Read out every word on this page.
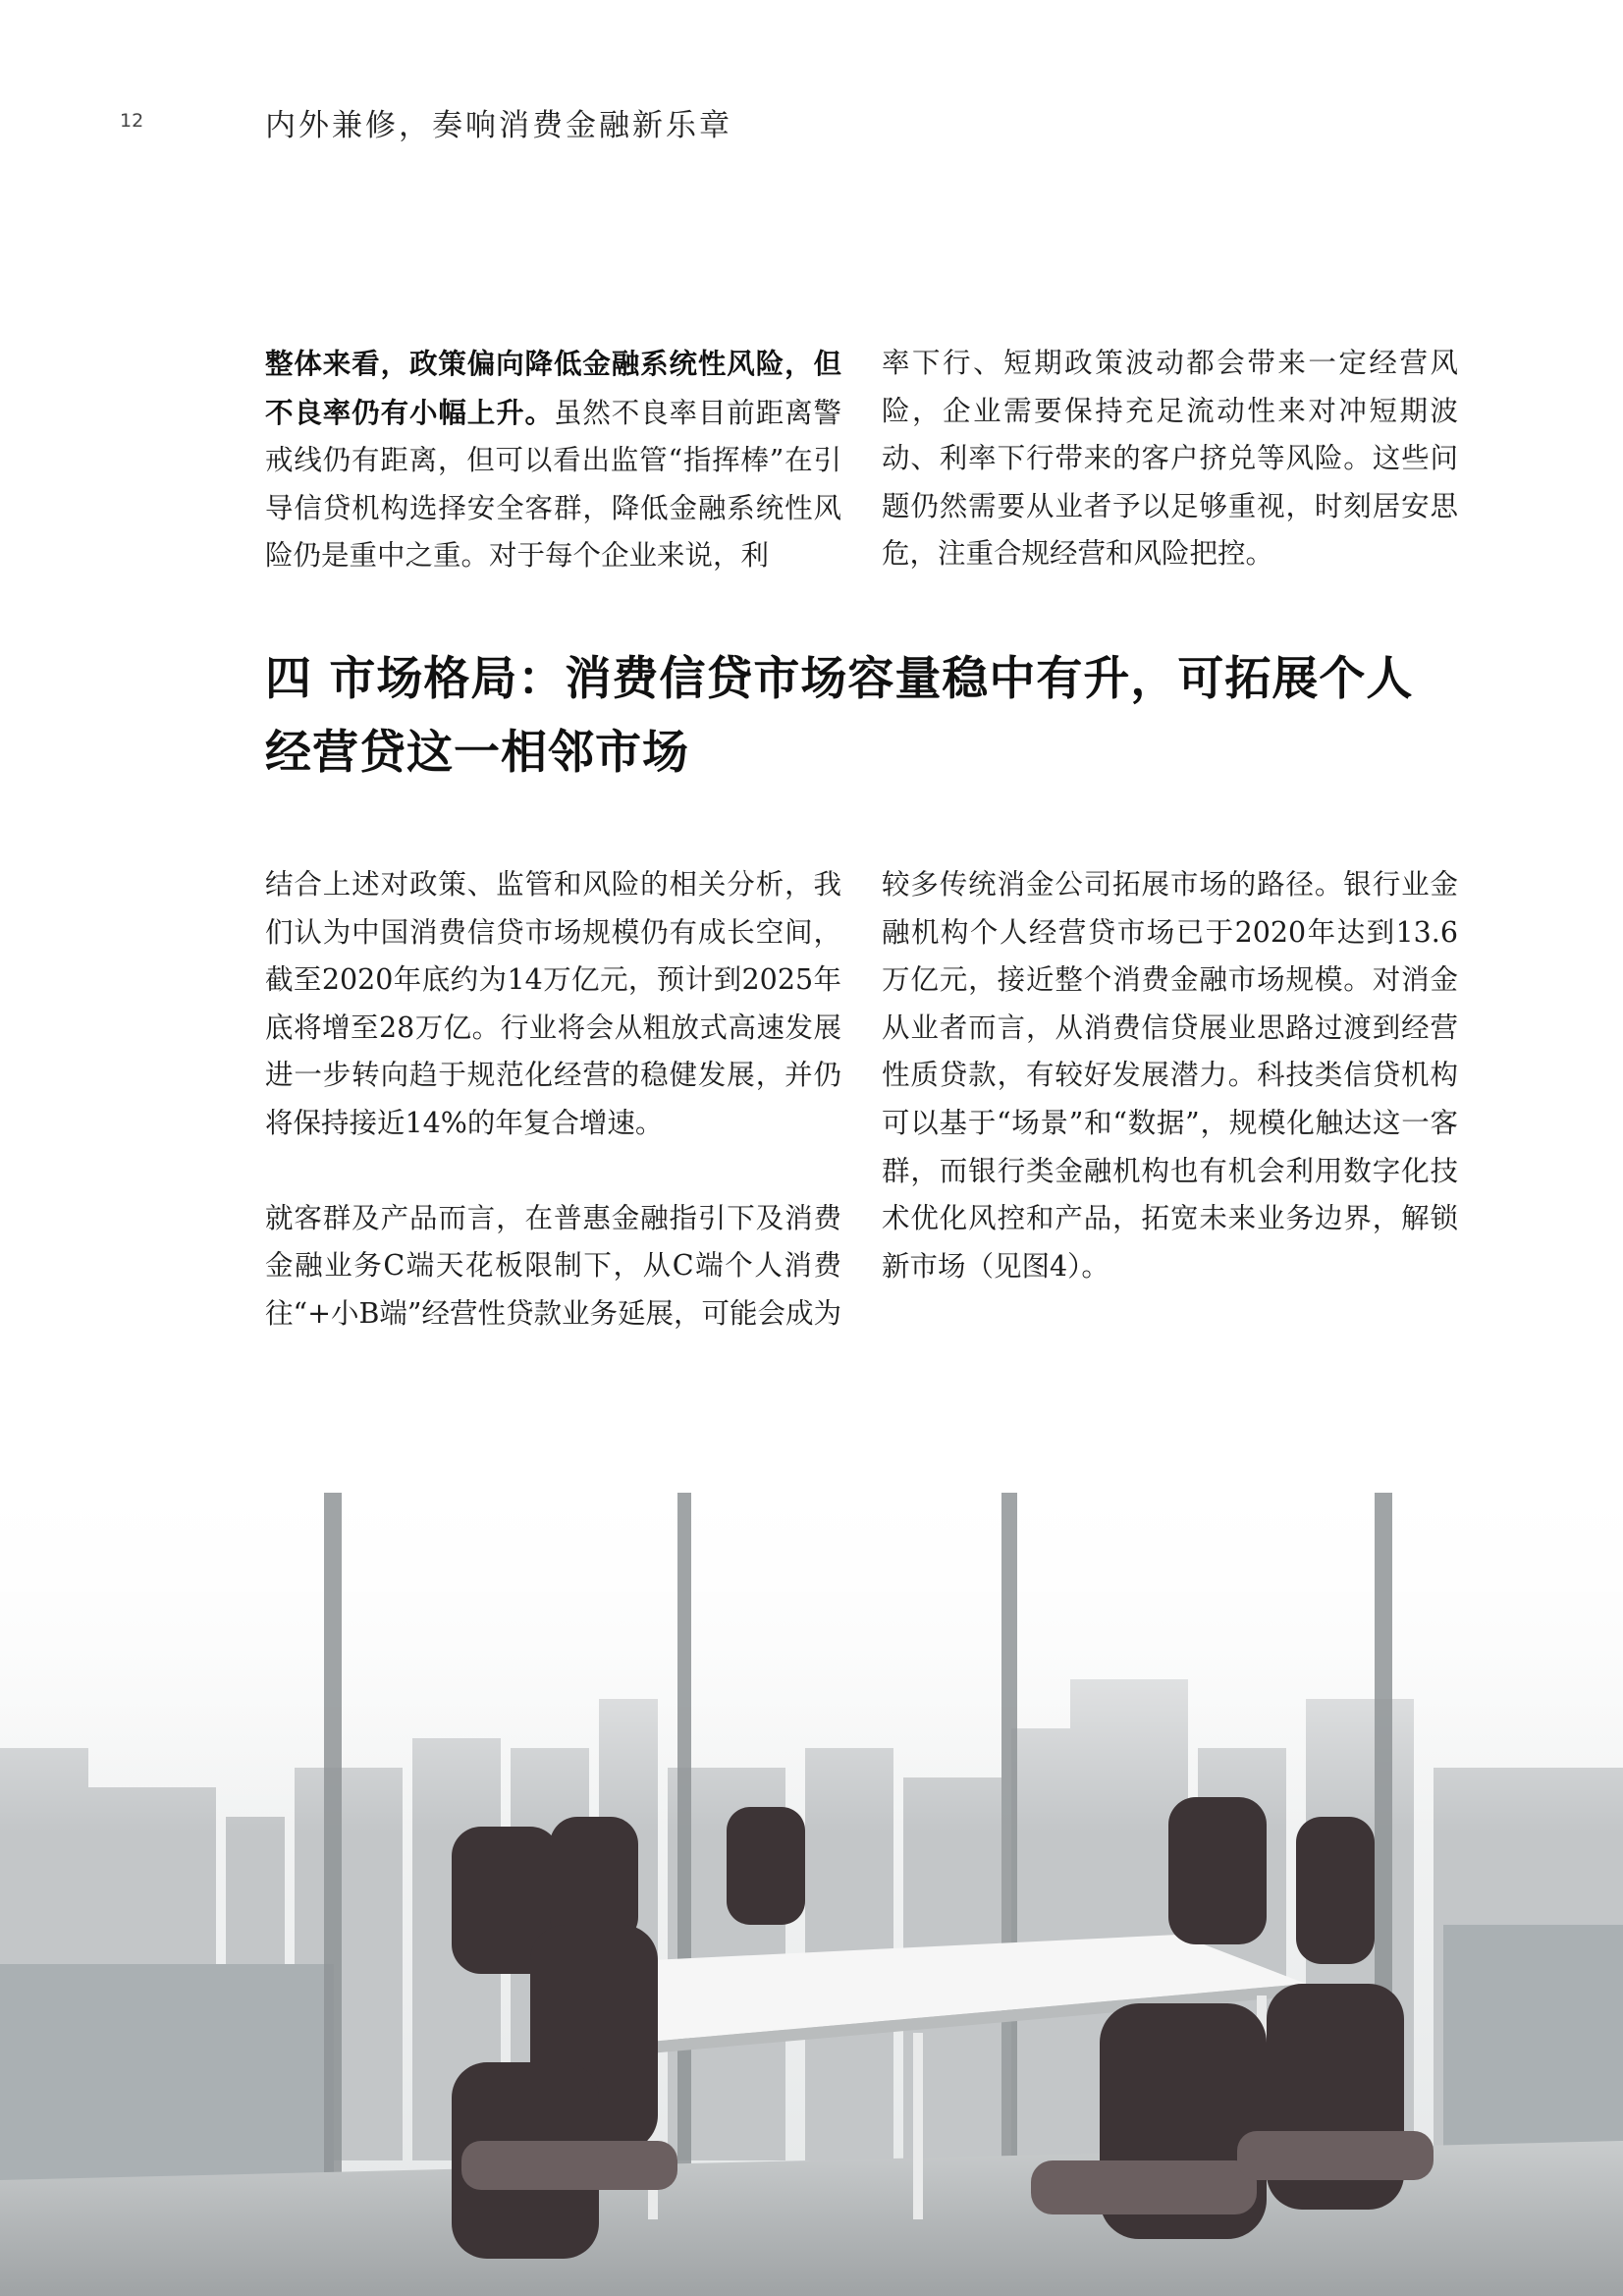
12	内外兼修，奏响消费金融新乐章

整体来看，政策偏向降低金融系统性风险，但不良率仍有小幅上升。虽然不良率目前距离警戒线仍有距离，但可以看出监管“指挥棒”在引导信贷机构选择安全客群，降低金融系统性风险仍是重中之重。对于每个企业来说，利

率下行、短期政策波动都会带来一定经营风险，企业需要保持充足流动性来对冲短期波动、利率下行带来的客户挤兑等风险。这些问题仍然需要从业者予以足够重视，时刻居安思危，注重合规经营和风险把控。

四 市场格局：消费信贷市场容量稳中有升，可拓展个人经营贷这一相邻市场

结合上述对政策、监管和风险的相关分析，我们认为中国消费信贷市场规模仍有成长空间，截至2020年底约为14万亿元，预计到2025年底将增至28万亿。行业将会从粗放式高速发展进一步转向趋于规范化经营的稳健发展，并仍将保持接近14%的年复合增速。

就客群及产品而言，在普惠金融指引下及消费金融业务C端天花板限制下，从C端个人消费往“+小B端”经营性贷款业务延展，可能会成为

较多传统消金公司拓展市场的路径。银行业金融机构个人经营贷市场已于2020年达到13.6万亿元，接近整个消费金融市场规模。对消金从业者而言，从消费信贷展业思路过渡到经营性质贷款，有较好发展潜力。科技类信贷机构可以基于“场景”和“数据”，规模化触达这一客群，而银行类金融机构也有机会利用数字化技术优化风控和产品，拓宽未来业务边界，解锁新市场（见图4）。
